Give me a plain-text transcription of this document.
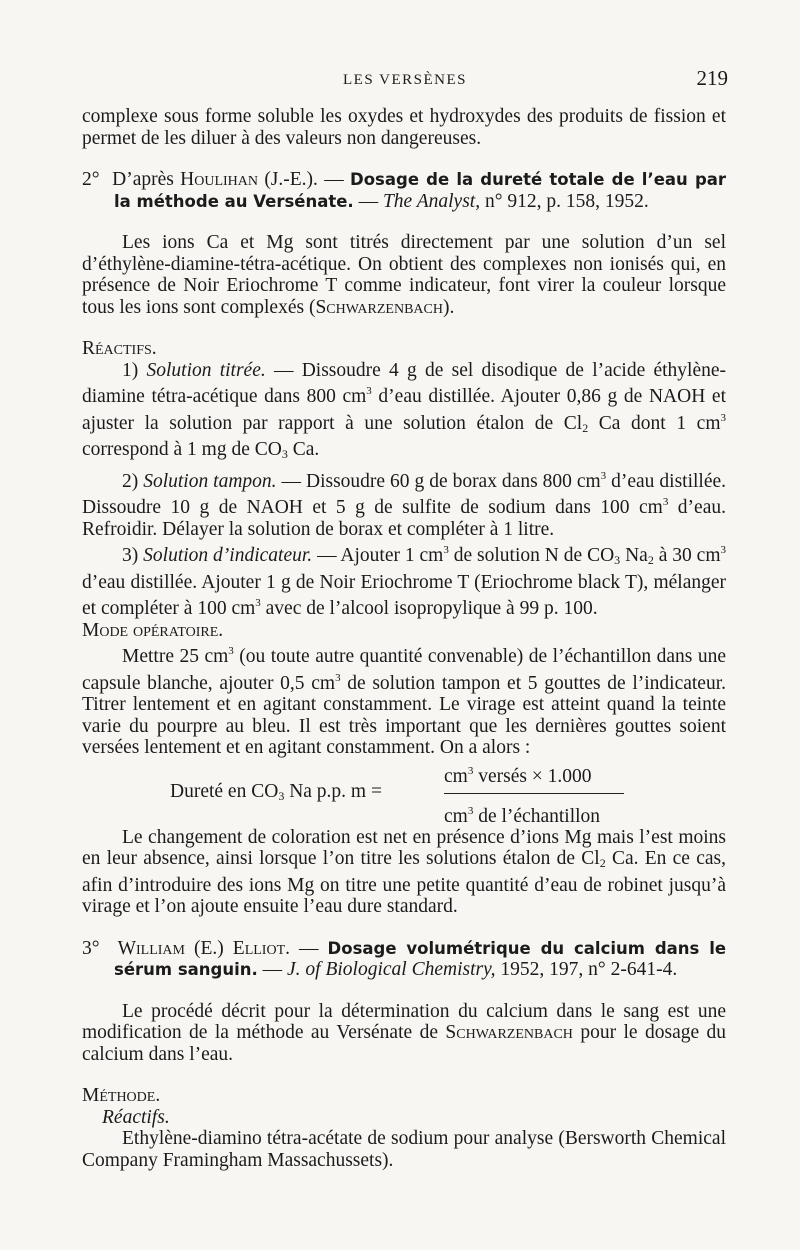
LES VERSÈNES	219

complexe sous forme soluble les oxydes et hydroxydes des produits de fission et permet de les diluer à des valeurs non dangereuses.

2° D’après Houlihan (J.-E.). — Dosage de la dureté totale de l’eau par la méthode au Versénate. — The Analyst, n° 912, p. 158, 1952.

Les ions Ca et Mg sont titrés directement par une solution d’un sel d’éthylène-diamine-tétra-acétique. On obtient des complexes non ionisés qui, en présence de Noir Eriochrome T comme indicateur, font virer la couleur lorsque tous les ions sont complexés (Schwarzenbach).

Réactifs.

1) Solution titrée. — Dissoudre 4 g de sel disodique de l’acide éthylène-diamine tétra-acétique dans 800 $cm^3$ d’eau distillée. Ajouter 0,86 g de NAOH et ajuster la solution par rapport à une solution étalon de $Cl_2$ Ca dont 1 $cm^3$ correspond à 1 mg de $CO_3$ Ca.

2) Solution tampon. — Dissoudre 60 g de borax dans 800 $cm^3$ d’eau distillée. Dissoudre 10 g de NAOH et 5 g de sulfite de sodium dans 100 $cm^3$ d’eau. Refroidir. Délayer la solution de borax et compléter à 1 litre.

3) Solution d’indicateur. — Ajouter 1 $cm^3$ de solution N de $CO_3$ $Na_2$ à 30 $cm^3$ d’eau distillée. Ajouter 1 g de Noir Eriochrome T (Eriochrome black T), mélanger et compléter à 100 $cm^3$ avec de l’alcool isopropylique à 99 p. 100.

Mode opératoire.

Mettre 25 $cm^3$ (ou toute autre quantité convenable) de l’échantillon dans une capsule blanche, ajouter 0,5 $cm^3$ de solution tampon et 5 gouttes de l’indicateur. Titrer lentement et en agitant constamment. Le virage est atteint quand la teinte varie du pourpre au bleu. Il est très important que les dernières gouttes soient versées lentement et en agitant constamment. On a alors :

$cm^3$ versés × 1.000
Dureté en $CO_3$ Na p.p. m =
$cm^3$ de l’échantillon

Le changement de coloration est net en présence d’ions Mg mais l’est moins en leur absence, ainsi lorsque l’on titre les solutions étalon de $Cl_2$ Ca. En ce cas, afin d’introduire des ions Mg on titre une petite quantité d’eau de robinet jusqu’à virage et l’on ajoute ensuite l’eau dure standard.

3° William (E.) Elliot. — Dosage volumétrique du calcium dans le sérum sanguin. — J. of Biological Chemistry, 1952, 197, n° 2-641-4.

Le procédé décrit pour la détermination du calcium dans le sang est une modification de la méthode au Versénate de Schwarzenbach pour le dosage du calcium dans l’eau.

Méthode.

Réactifs.

Ethylène-diamino tétra-acétate de sodium pour analyse (Bersworth Chemical Company Framingham Massachussets).
